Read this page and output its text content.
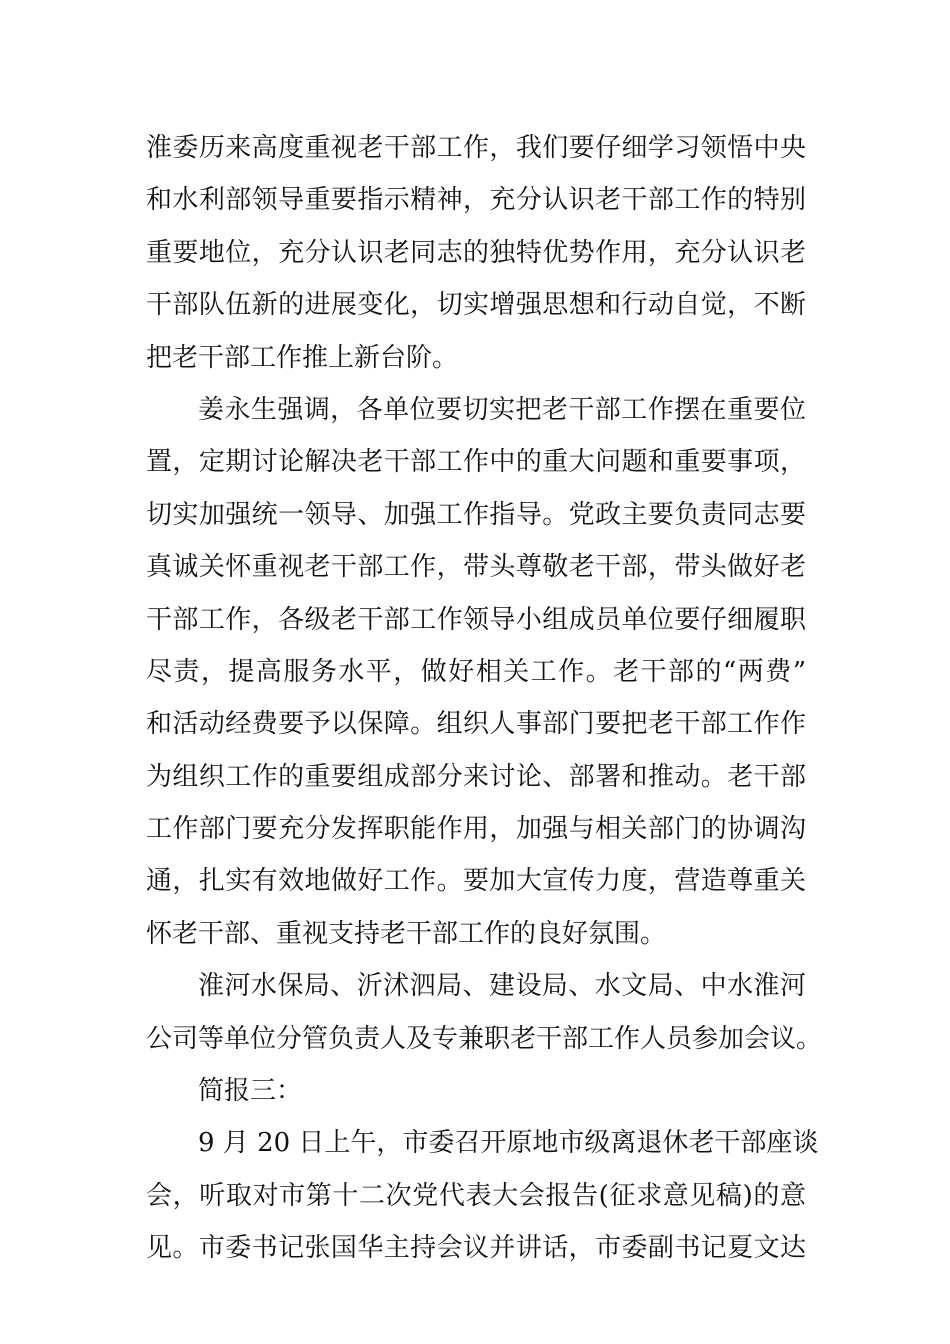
淮委历来高度重视老干部工作，我们要仔细学习领悟中央
和水利部领导重要指示精神，充分认识老干部工作的特别
重要地位，充分认识老同志的独特优势作用，充分认识老
干部队伍新的进展变化，切实增强思想和行动自觉，不断
把老干部工作推上新台阶。
姜永生强调，各单位要切实把老干部工作摆在重要位
置，定期讨论解决老干部工作中的重大问题和重要事项，
切实加强统一领导、加强工作指导。党政主要负责同志要
真诚关怀重视老干部工作，带头尊敬老干部，带头做好老
干部工作，各级老干部工作领导小组成员单位要仔细履职
尽责，提高服务水平，做好相关工作。老干部的“两费”
和活动经费要予以保障。组织人事部门要把老干部工作作
为组织工作的重要组成部分来讨论、部署和推动。老干部
工作部门要充分发挥职能作用，加强与相关部门的协调沟
通，扎实有效地做好工作。要加大宣传力度，营造尊重关
怀老干部、重视支持老干部工作的良好氛围。
淮河水保局、沂沭泗局、建设局、水文局、中水淮河
公司等单位分管负责人及专兼职老干部工作人员参加会议。
简报三：
9 月 20 日上午，市委召开原地市级离退休老干部座谈
会，听取对市第十二次党代表大会报告(征求意见稿)的意
见。市委书记张国华主持会议并讲话，市委副书记夏文达
